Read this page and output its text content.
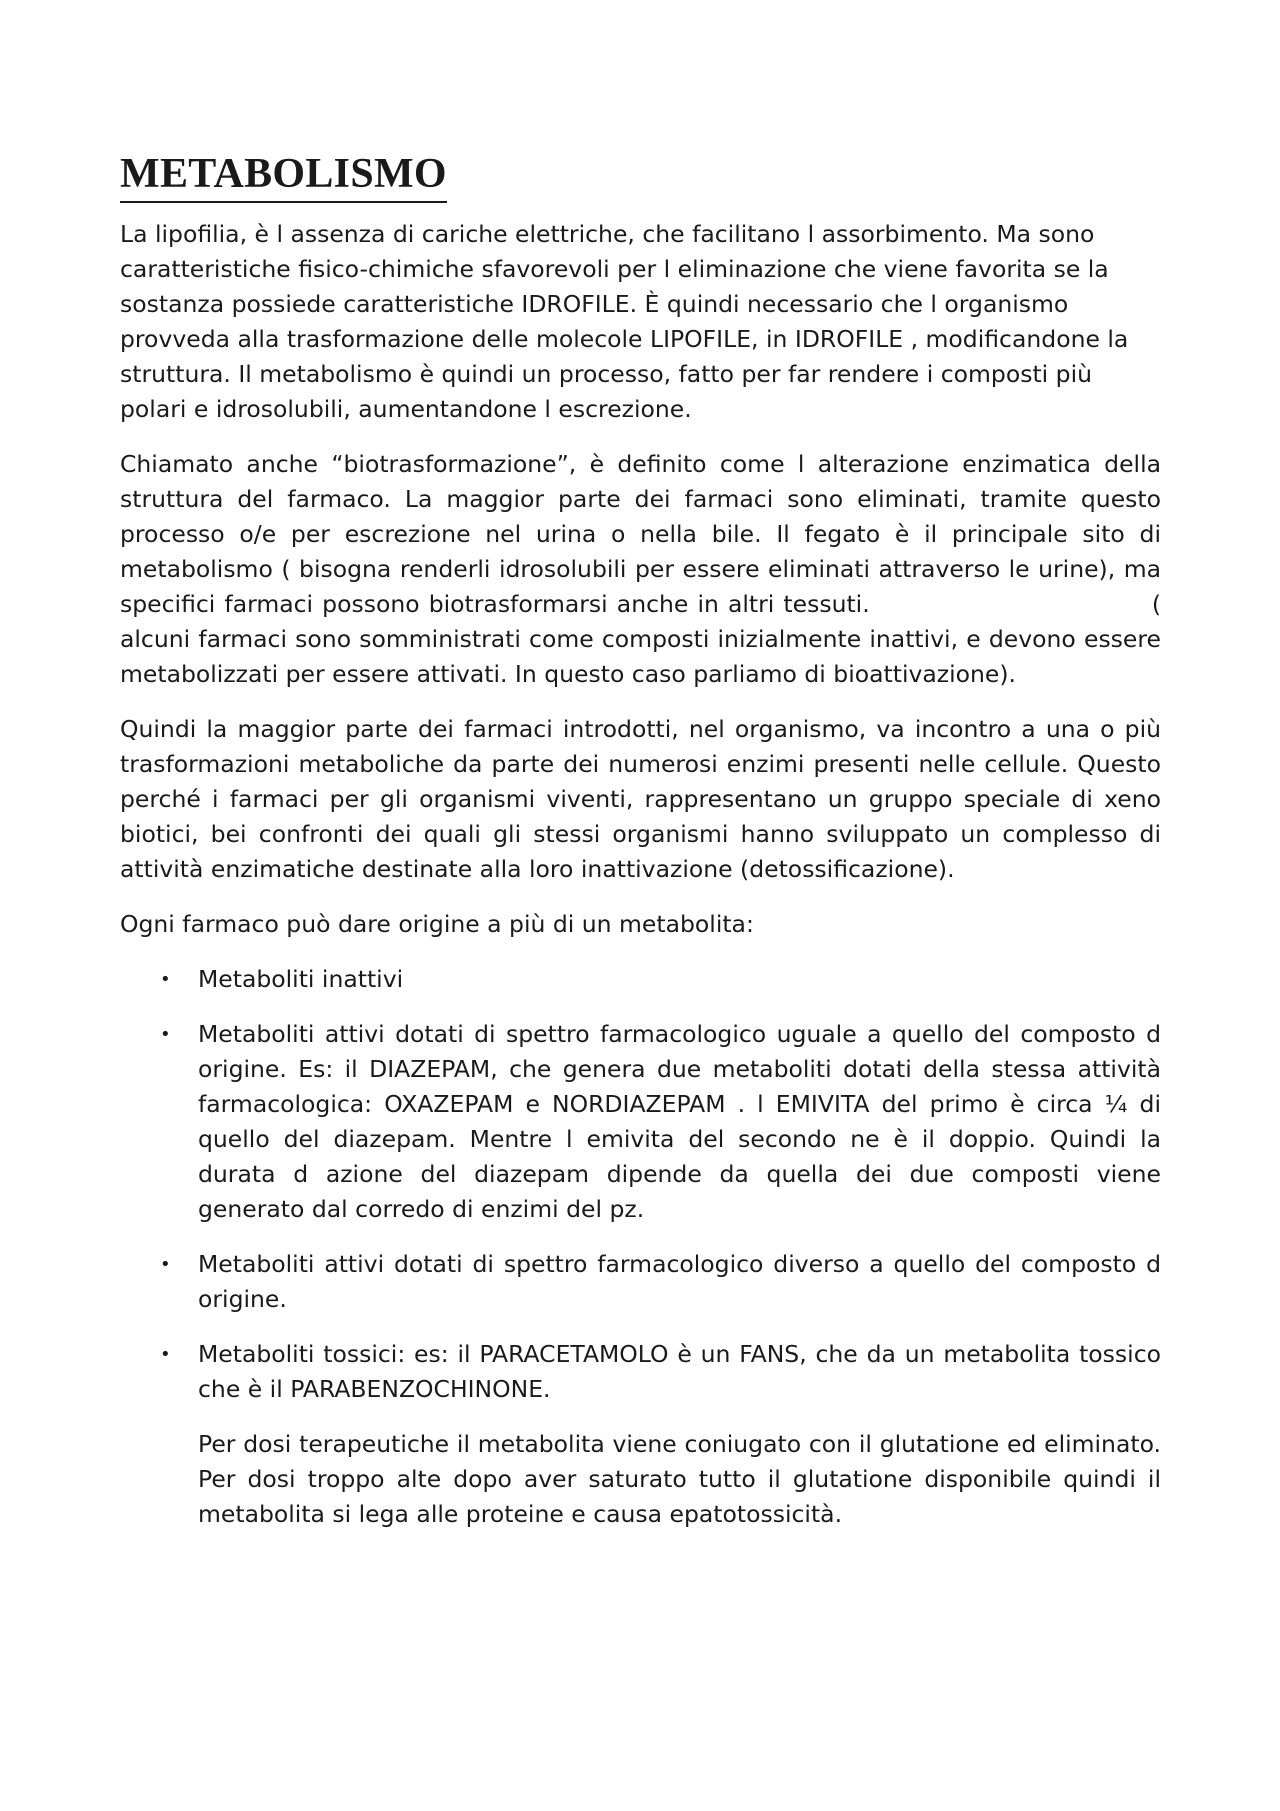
METABOLISMO

La lipofilia, è l assenza di cariche elettriche, che facilitano l assorbimento. Ma sono caratteristiche fisico-chimiche sfavorevoli per l eliminazione che viene favorita se la sostanza possiede caratteristiche IDROFILE. È quindi necessario che l organismo provveda alla trasformazione delle molecole LIPOFILE, in IDROFILE , modificandone la struttura. Il metabolismo è quindi un processo, fatto per far rendere i composti più polari e idrosolubili, aumentandone l escrezione.

Chiamato anche “biotrasformazione”, è definito come l alterazione enzimatica della struttura del farmaco. La maggior parte dei farmaci sono eliminati, tramite questo processo o/e per escrezione nel urina o nella bile. Il fegato è il principale sito di metabolismo ( bisogna renderli idrosolubili per essere eliminati attraverso le urine), ma specifici farmaci possono biotrasformarsi anche in altri tessuti.                               ( alcuni farmaci sono somministrati come composti inizialmente inattivi, e devono essere metabolizzati per essere attivati. In questo caso parliamo di bioattivazione).

Quindi la maggior parte dei farmaci introdotti, nel organismo, va incontro a una o più trasformazioni metaboliche da parte dei numerosi enzimi presenti nelle cellule. Questo perché i farmaci per gli organismi viventi, rappresentano un gruppo speciale di xeno biotici, bei confronti dei quali gli stessi organismi hanno sviluppato un complesso di attività enzimatiche destinate alla loro inattivazione (detossificazione).

Ogni farmaco può dare origine a più di un metabolita:

• Metaboliti inattivi
• Metaboliti attivi dotati di spettro farmacologico uguale a quello del composto d origine. Es: il DIAZEPAM, che genera due metaboliti dotati della stessa attività farmacologica: OXAZEPAM e NORDIAZEPAM . l EMIVITA del primo è circa ¼ di quello del diazepam. Mentre l emivita del secondo ne è il doppio. Quindi la durata d azione del diazepam dipende da quella dei due composti viene generato dal corredo di enzimi del pz.
• Metaboliti attivi dotati di spettro farmacologico diverso a quello del composto d origine.
• Metaboliti tossici: es: il PARACETAMOLO è un FANS, che da un metabolita tossico che è il PARABENZOCHINONE.

Per dosi terapeutiche il metabolita viene coniugato con il glutatione ed eliminato. Per dosi troppo alte dopo aver saturato tutto il glutatione disponibile quindi il metabolita si lega alle proteine e causa epatotossicità.
